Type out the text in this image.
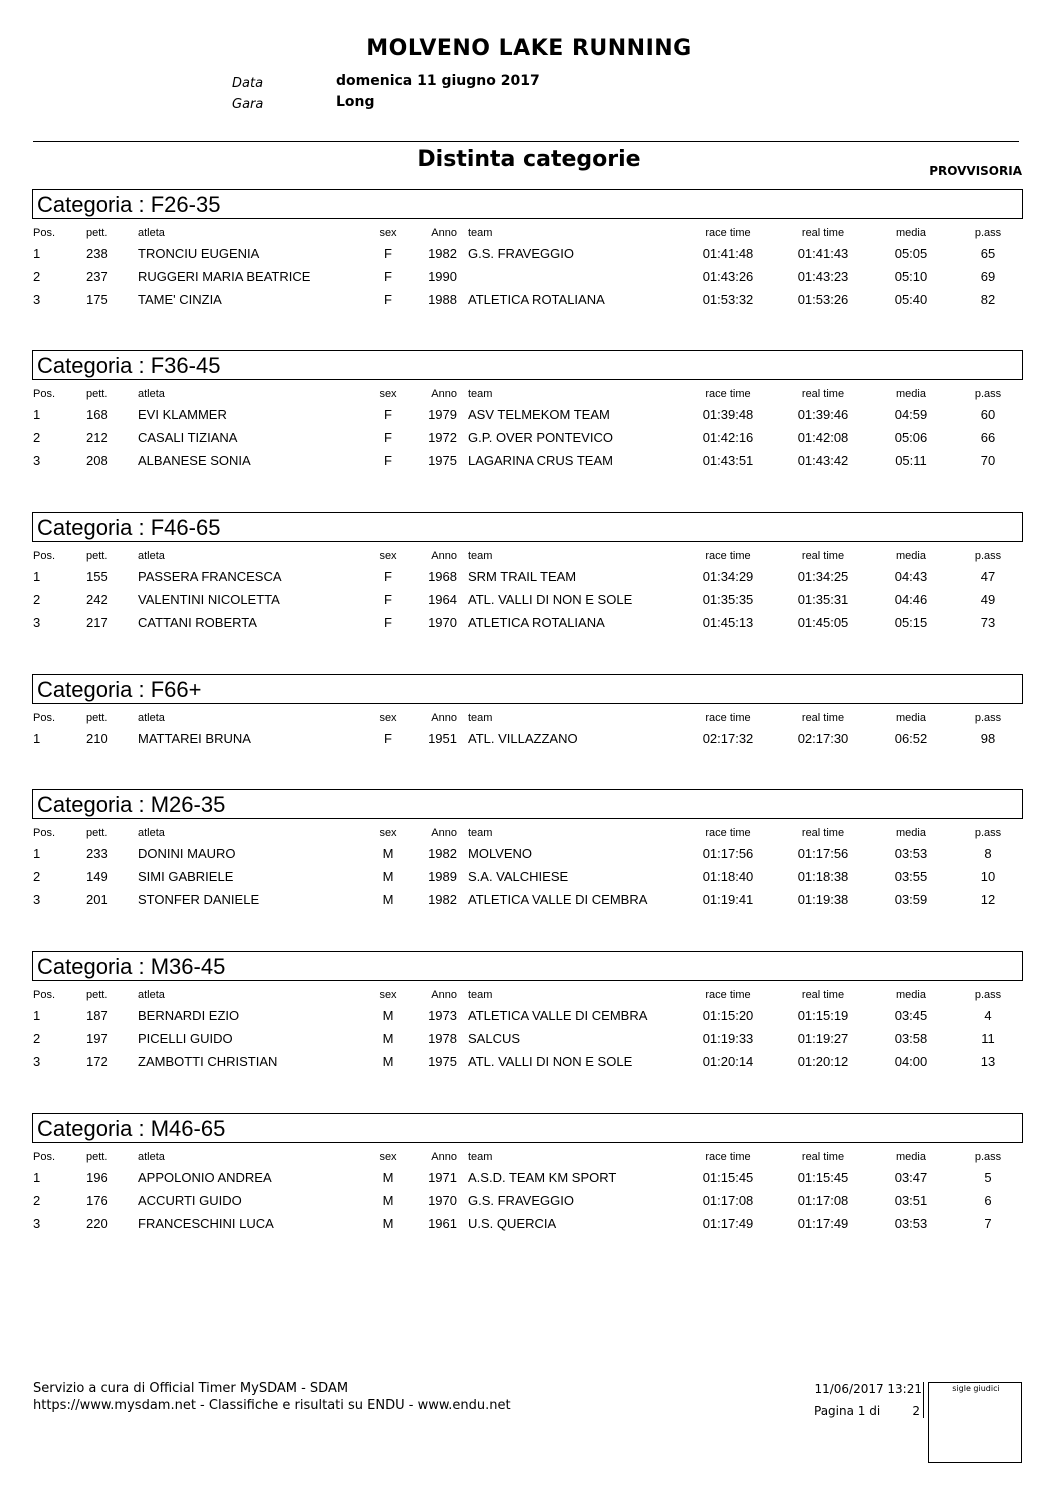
MOLVENO LAKE RUNNING
Data	domenica 11 giugno 2017
Gara	Long
Distinta categorie	PROVVISORIA
Categoria : F26-35
Pos.	pett.	atleta	sex	Anno team	race time	real time	media	p.ass
1	238 TRONCIU EUGENIA	F	1982 G.S. FRAVEGGIO	01:41:48	01:41:43	05:05	65
2	237 RUGGERI MARIA BEATRICE	F	1990	01:43:26	01:43:23	05:10	69
3	175 TAME' CINZIA	F	1988 ATLETICA ROTALIANA	01:53:32	01:53:26	05:40	82
Categoria : F36-45
Pos.	pett.	atleta	sex	Anno team	race time	real time	media	p.ass
1	168 EVI KLAMMER	F	1979 ASV TELMEKOM TEAM	01:39:48	01:39:46	04:59	60
2	212 CASALI TIZIANA	F	1972 G.P. OVER PONTEVICO	01:42:16	01:42:08	05:06	66
3	208 ALBANESE SONIA	F	1975 LAGARINA CRUS TEAM	01:43:51	01:43:42	05:11	70
Categoria : F46-65
Pos.	pett.	atleta	sex	Anno team	race time	real time	media	p.ass
1	155 PASSERA FRANCESCA	F	1968 SRM TRAIL TEAM	01:34:29	01:34:25	04:43	47
2	242 VALENTINI NICOLETTA	F	1964 ATL. VALLI DI NON E SOLE	01:35:35	01:35:31	04:46	49
3	217 CATTANI ROBERTA	F	1970 ATLETICA ROTALIANA	01:45:13	01:45:05	05:15	73
Categoria : F66+
Pos.	pett.	atleta	sex	Anno team	race time	real time	media	p.ass
1	210 MATTAREI BRUNA	F	1951 ATL. VILLAZZANO	02:17:32	02:17:30	06:52	98
Categoria : M26-35
Pos.	pett.	atleta	sex	Anno team	race time	real time	media	p.ass
1	233 DONINI MAURO	M	1982 MOLVENO	01:17:56	01:17:56	03:53	8
2	149 SIMI GABRIELE	M	1989 S.A. VALCHIESE	01:18:40	01:18:38	03:55	10
3	201 STONFER DANIELE	M	1982 ATLETICA VALLE DI CEMBRA	01:19:41	01:19:38	03:59	12
Categoria : M36-45
Pos.	pett.	atleta	sex	Anno team	race time	real time	media	p.ass
1	187 BERNARDI EZIO	M	1973 ATLETICA VALLE DI CEMBRA	01:15:20	01:15:19	03:45	4
2	197 PICELLI GUIDO	M	1978 SALCUS	01:19:33	01:19:27	03:58	11
3	172 ZAMBOTTI CHRISTIAN	M	1975 ATL. VALLI DI NON E SOLE	01:20:14	01:20:12	04:00	13
Categoria : M46-65
Pos.	pett.	atleta	sex	Anno team	race time	real time	media	p.ass
1	196 APPOLONIO ANDREA	M	1971 A.S.D. TEAM KM SPORT	01:15:45	01:15:45	03:47	5
2	176 ACCURTI GUIDO	M	1970 G.S. FRAVEGGIO	01:17:08	01:17:08	03:51	6
3	220 FRANCESCHINI LUCA	M	1961 U.S. QUERCIA	01:17:49	01:17:49	03:53	7
Servizio a cura di Official Timer MySDAM - SDAM
https://www.mysdam.net - Classifiche e risultati su ENDU - www.endu.net
11/06/2017 13:21
Pagina 1 di	2
sigle giudici
